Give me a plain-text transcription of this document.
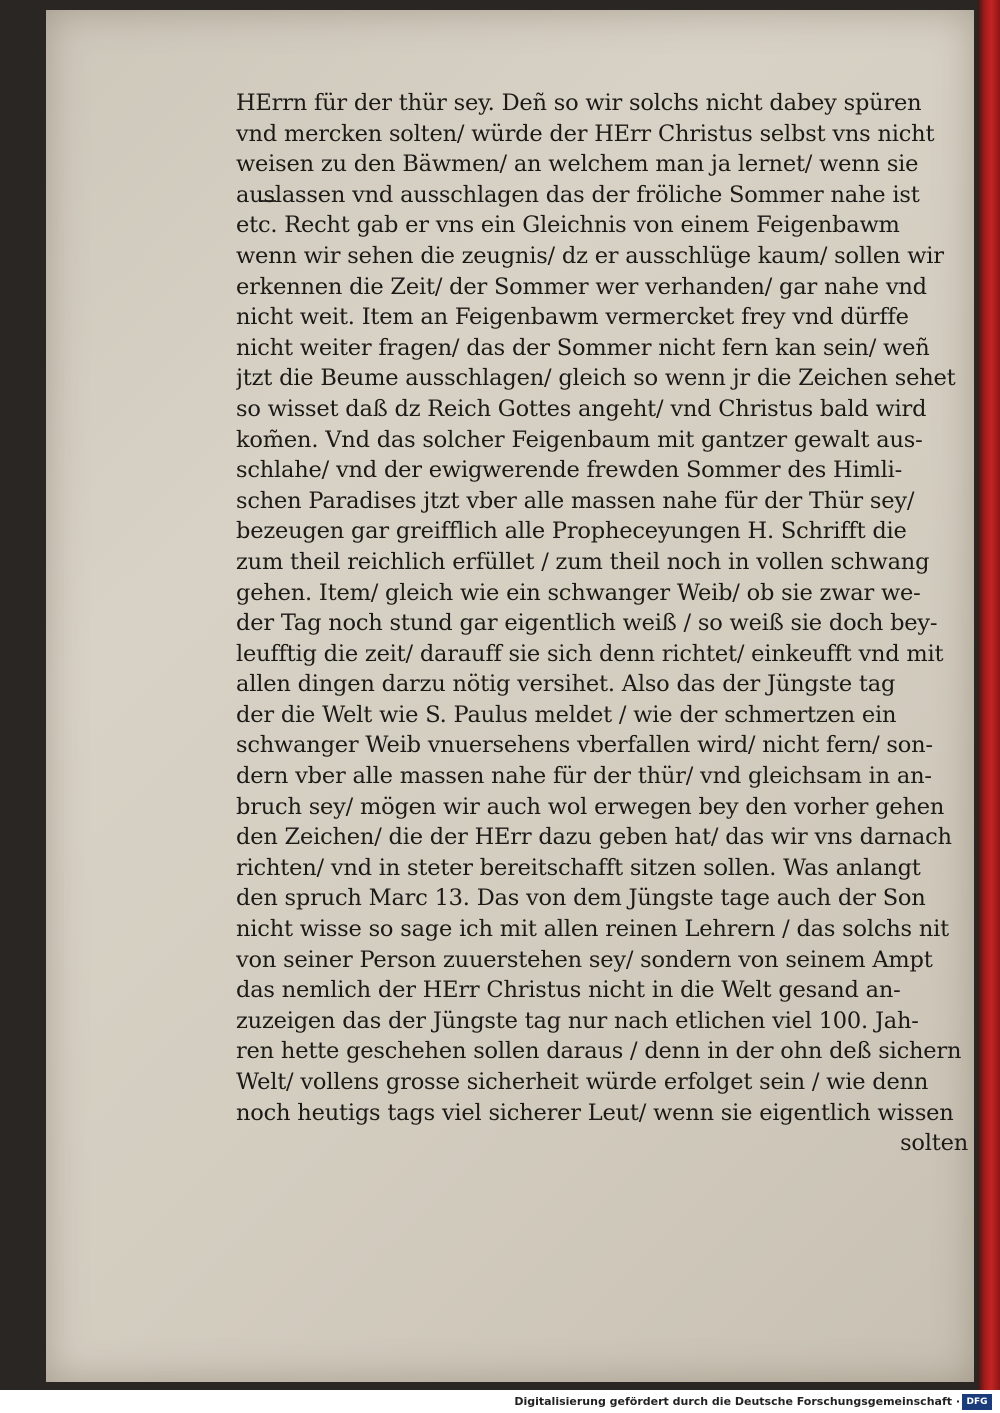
HErrn für der thür sey. Deñ so wir solchs nicht dabey spüren
vnd mercken solten/ würde der HErr Christus selbst vns nicht
weisen zu den Bäwmen/ an welchem man ja lernet/ wenn sie
auslassen vnd ausschlagen das der fröliche Sommer nahe ist
etc. Recht gab er vns ein Gleichnis von einem Feigenbawm
wenn wir sehen die zeugnis/ dz er ausschlüge kaum/ sollen wir
erkennen die Zeit/ der Sommer wer verhanden/ gar nahe vnd
nicht weit. Item an Feigenbawm vermercket frey vnd dürffe
nicht weiter fragen/ das der Sommer nicht fern kan sein/ weñ
jtzt die Beume ausschlagen/ gleich so wenn jr die Zeichen sehet
so wisset daß dz Reich Gottes angeht/ vnd Christus bald wird
kom̃en. Vnd das solcher Feigenbaum mit gantzer gewalt aus-
schlahe/ vnd der ewigwerende frewden Sommer des Himli-
schen Paradises jtzt vber alle massen nahe für der Thür sey/
bezeugen gar greifflich alle Propheceyungen H. Schrifft die
zum theil reichlich erfüllet / zum theil noch in vollen schwang
gehen. Item/ gleich wie ein schwanger Weib/ ob sie zwar we-
der Tag noch stund gar eigentlich weiß / so weiß sie doch bey-
leufftig die zeit/ darauff sie sich denn richtet/ einkeufft vnd mit
allen dingen darzu nötig versihet. Also das der Jüngste tag
der die Welt wie S. Paulus meldet / wie der schmertzen ein
schwanger Weib vnuersehens vberfallen wird/ nicht fern/ son-
dern vber alle massen nahe für der thür/ vnd gleichsam in an-
bruch sey/ mögen wir auch wol erwegen bey den vorher gehen
den Zeichen/ die der HErr dazu geben hat/ das wir vns darnach
richten/ vnd in steter bereitschafft sitzen sollen. Was anlangt
den spruch Marc 13. Das von dem Jüngste tage auch der Son
nicht wisse so sage ich mit allen reinen Lehrern / das solchs nit
von seiner Person zuuerstehen sey/ sondern von seinem Ampt
das nemlich der HErr Christus nicht in die Welt gesand an-
zuzeigen das der Jüngste tag nur nach etlichen viel 100. Jah-
ren hette geschehen sollen daraus / denn in der ohn deß sichern
Welt/ vollens grosse sicherheit würde erfolget sein / wie denn
noch heutigs tags viel sicherer Leut/ wenn sie eigentlich wissen
solten
Digitalisierung gefördert durch die Deutsche Forschungsgemeinschaft · DFG
